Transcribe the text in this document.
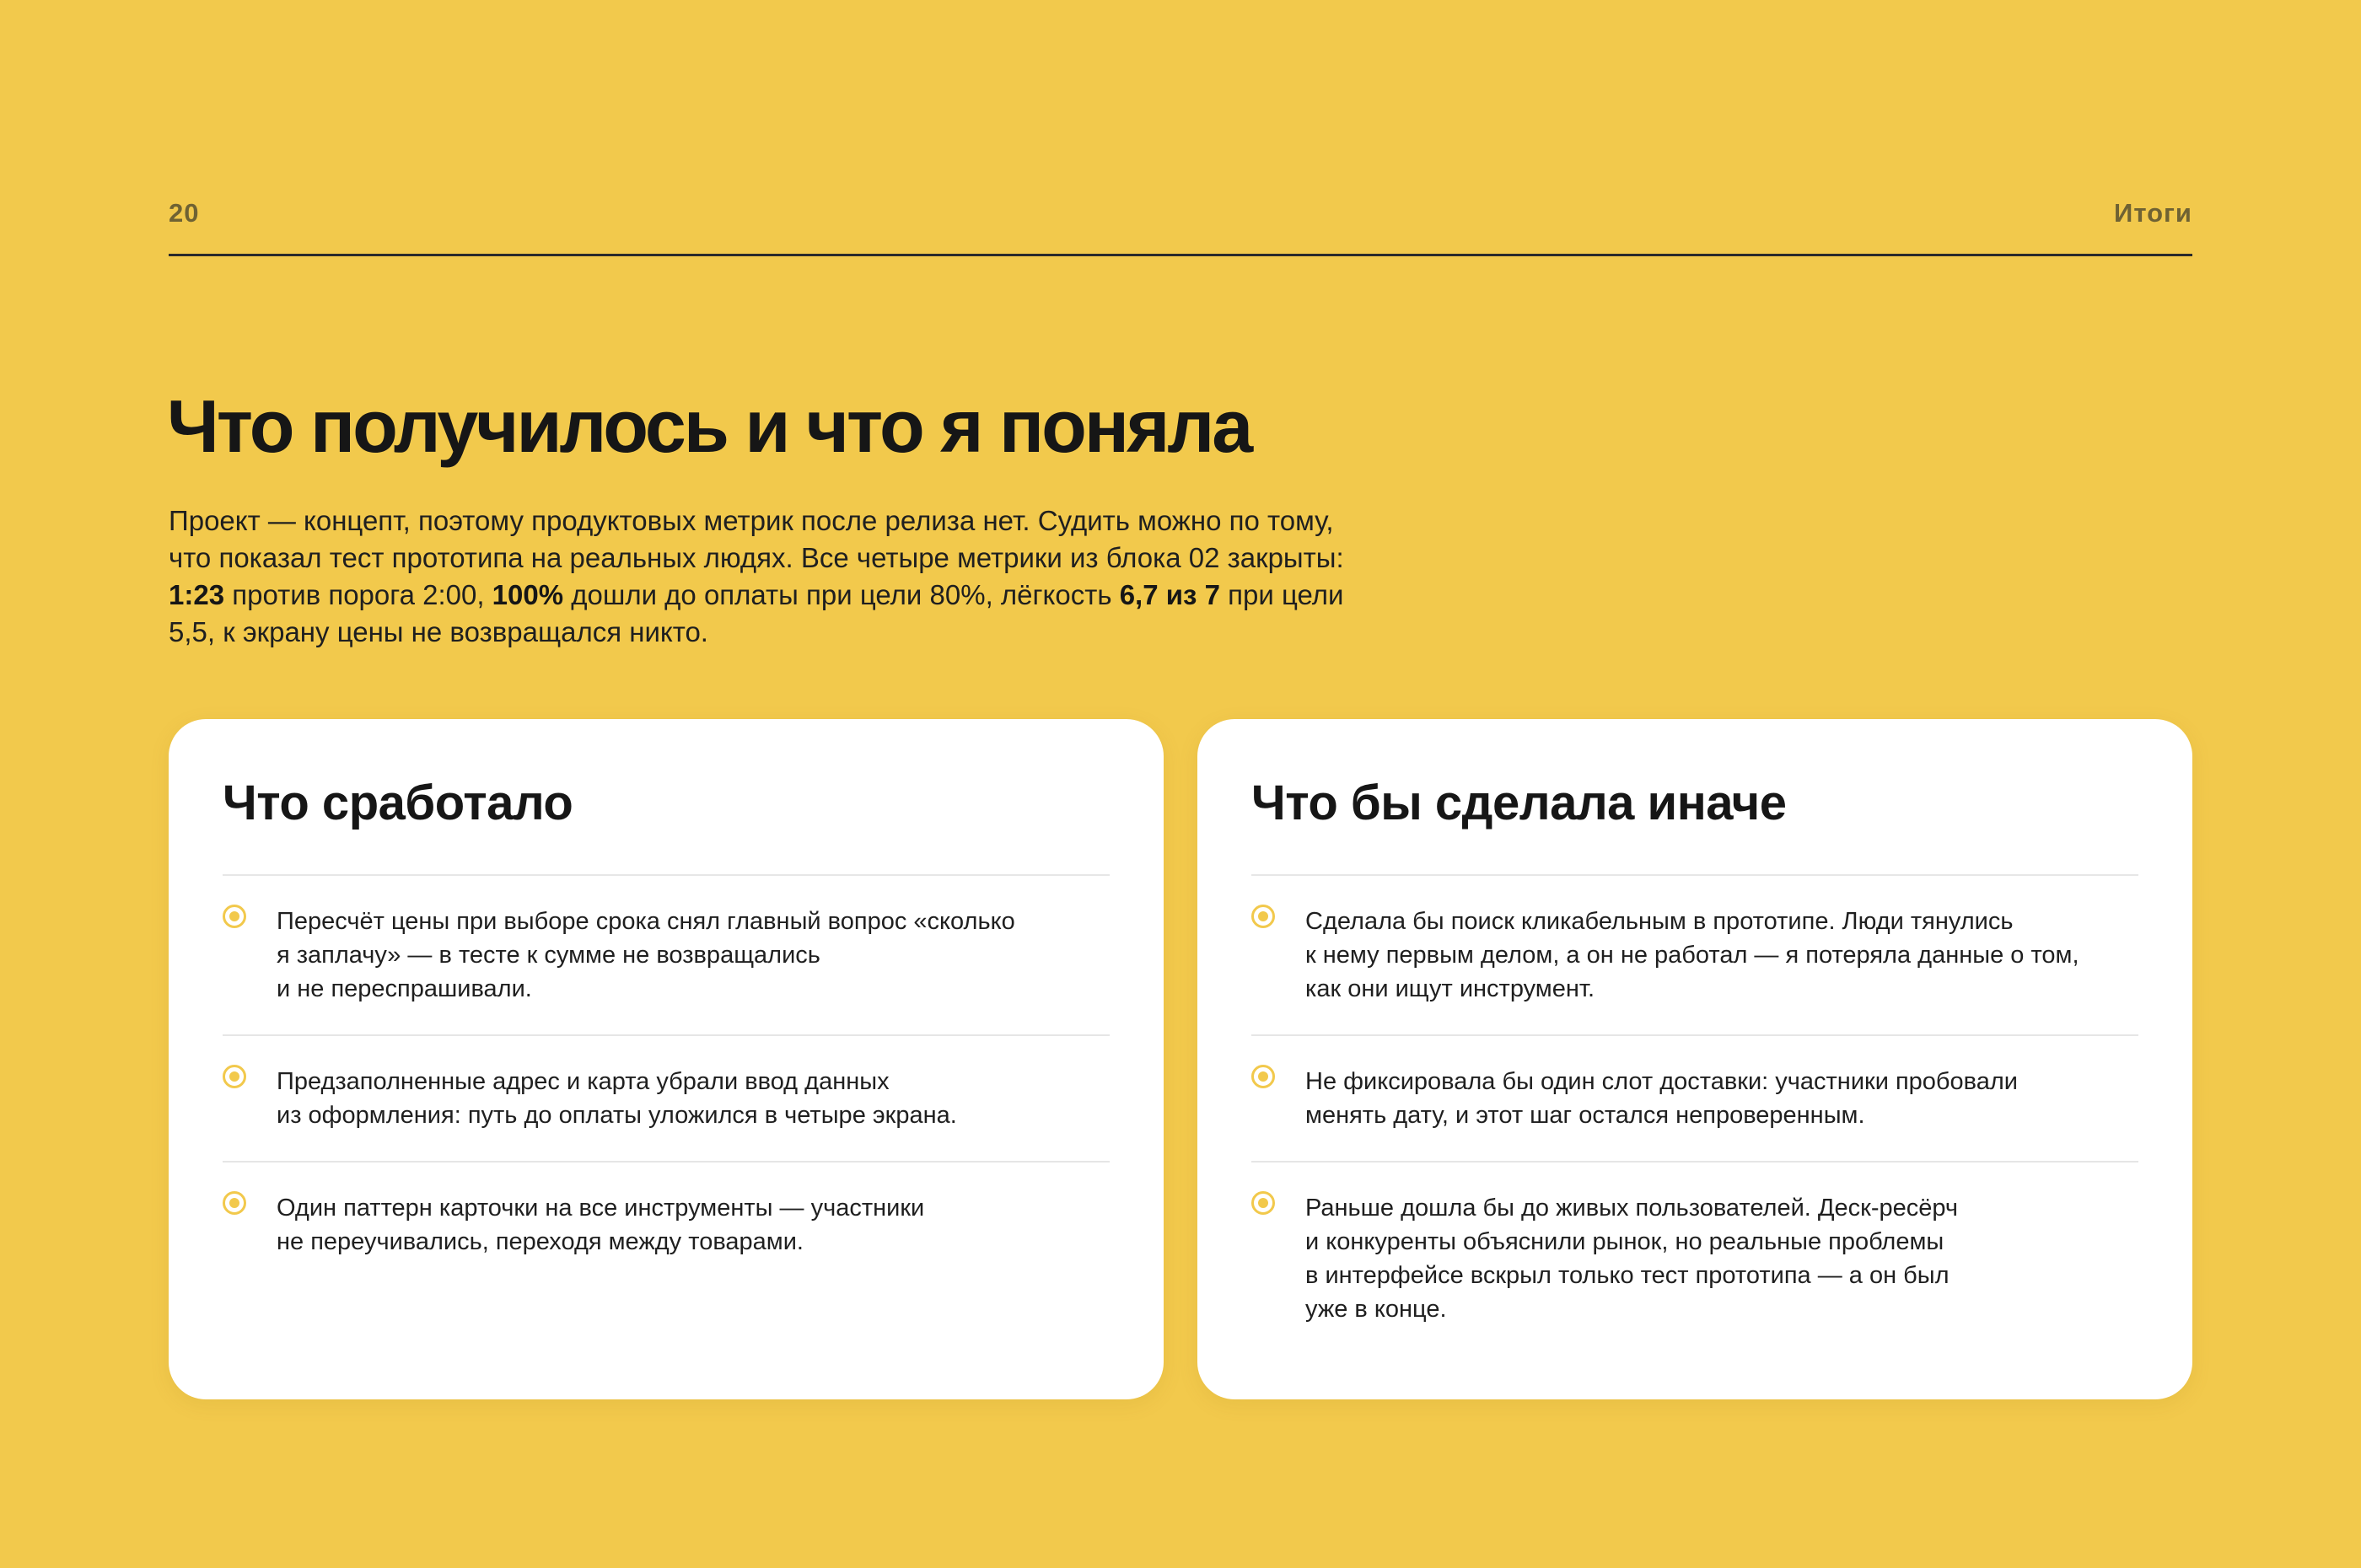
20	Итоги
Что получилось и что я поняла

Проект — концепт, поэтому продуктовых метрик после релиза нет. Судить можно по тому, что показал тест прототипа на реальных людях. Все четыре метрики из блока 02 закрыты: 1:23 против порога 2:00, 100% дошли до оплаты при цели 80%, лёгкость 6,7 из 7 при цели 5,5, к экрану цены не возвращался никто.

Что сработало
Пересчёт цены при выборе срока снял главный вопрос «сколько
я заплачу» — в тесте к сумме не возвращались
и не переспрашивали.
Предзаполненные адрес и карта убрали ввод данных
из оформления: путь до оплаты уложился в четыре экрана.
Один паттерн карточки на все инструменты — участники
не переучивались, переходя между товарами.
Что бы сделала иначе
Сделала бы поиск кликабельным в прототипе. Люди тянулись
к нему первым делом, а он не работал — я потеряла данные о том,
как они ищут инструмент.
Не фиксировала бы один слот доставки: участники пробовали
менять дату, и этот шаг остался непроверенным.
Раньше дошла бы до живых пользователей. Деск-ресёрч
и конкуренты объяснили рынок, но реальные проблемы
в интерфейсе вскрыл только тест прототипа — а он был
уже в конце.
